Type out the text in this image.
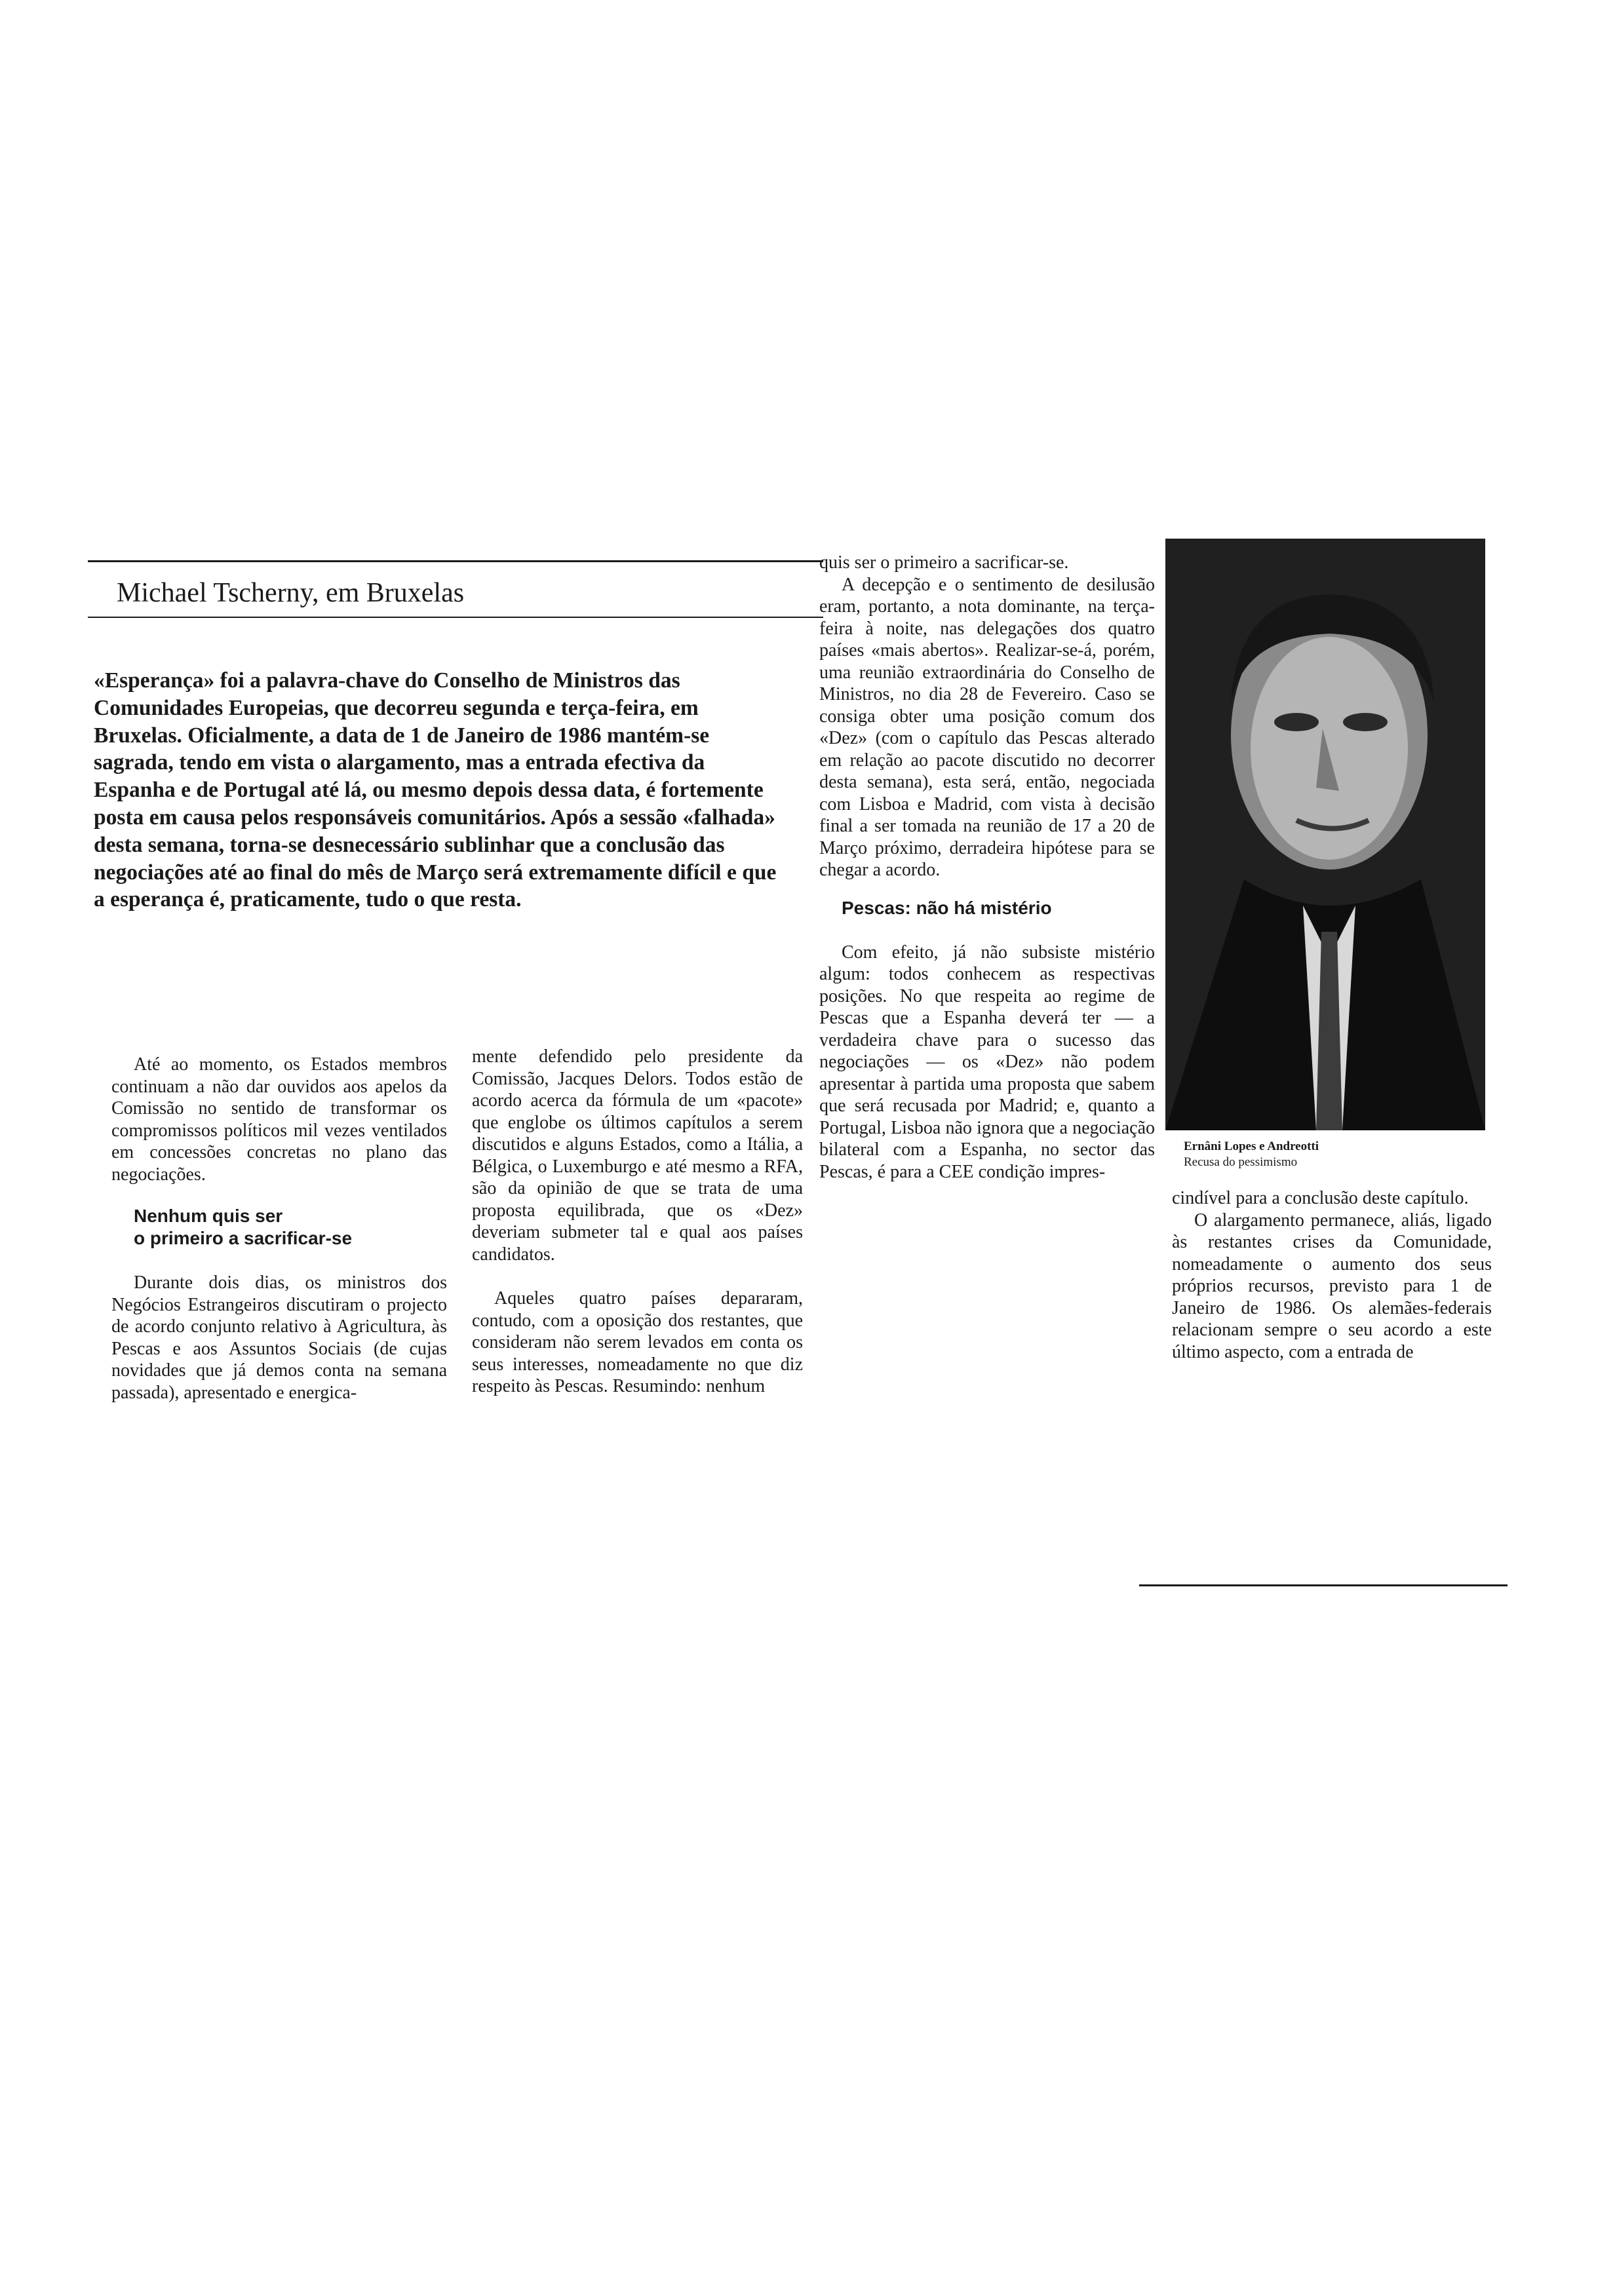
Michael Tscherny, em Bruxelas

«Esperança» foi a palavra-chave do Conselho de Ministros das Comunidades Europeias, que decorreu segunda e terça-feira, em Bruxelas. Oficialmente, a data de 1 de Janeiro de 1986 mantém-se sagrada, tendo em vista o alargamento, mas a entrada efectiva da Espanha e de Portugal até lá, ou mesmo depois dessa data, é fortemente posta em causa pelos responsáveis comunitários. Após a sessão «falhada» desta semana, torna-se desnecessário sublinhar que a conclusão das negociações até ao final do mês de Março será extremamente difícil e que a esperança é, praticamente, tudo o que resta.

Até ao momento, os Estados membros continuam a não dar ouvidos aos apelos da Comissão no sentido de transformar os compromissos políticos mil vezes ventilados em concessões concretas no plano das negociações.

Nenhum quis ser

o primeiro a sacrificar-se

Durante dois dias, os ministros dos Negócios Estrangeiros discutiram o projecto de acordo conjunto relativo à Agricultura, às Pescas e aos Assuntos Sociais (de cujas novidades que já demos conta na semana passada), apresentado e energica-

mente defendido pelo presidente da Comissão, Jacques Delors. Todos estão de acordo acerca da fórmula de um «pacote» que englobe os últimos capítulos a serem discutidos e alguns Estados, como a Itália, a Bélgica, o Luxemburgo e até mesmo a RFA, são da opinião de que se trata de uma proposta equilibrada, que os «Dez» deveriam submeter tal e qual aos países candidatos.

Aqueles quatro países depararam, contudo, com a oposição dos restantes, que consideram não serem levados em conta os seus interesses, nomeadamente no que diz respeito às Pescas. Resumindo: nenhum

quis ser o primeiro a sacrificar-se.

A decepção e o sentimento de desilusão eram, portanto, a nota dominante, na terça-feira à noite, nas delegações dos quatro países «mais abertos». Realizar-se-á, porém, uma reunião extraordinária do Conselho de Ministros, no dia 28 de Fevereiro. Caso se consiga obter uma posição comum dos «Dez» (com o capítulo das Pescas alterado em relação ao pacote discutido no decorrer desta semana), esta será, então, negociada com Lisboa e Madrid, com vista à decisão final a ser tomada na reunião de 17 a 20 de Março próximo, derradeira hipótese para se chegar a acordo.

Pescas: não há mistério

Com efeito, já não subsiste mistério algum: todos conhecem as respectivas posições. No que respeita ao regime de Pescas que a Espanha deverá ter — a verdadeira chave para o sucesso das negociações — os «Dez» não podem apresentar à partida uma proposta que sabem que será recusada por Madrid; e, quanto a Portugal, Lisboa não ignora que a negociação bilateral com a Espanha, no sector das Pescas, é para a CEE condição impres-

Ernâni Lopes e Andreotti
Recusa do pessimismo

cindível para a conclusão deste capítulo.

O alargamento permanece, aliás, ligado às restantes crises da Comunidade, nomeadamente o aumento dos seus próprios recursos, previsto para 1 de Janeiro de 1986. Os alemães-federais relacionam sempre o seu acordo a este último aspecto, com a entrada de
